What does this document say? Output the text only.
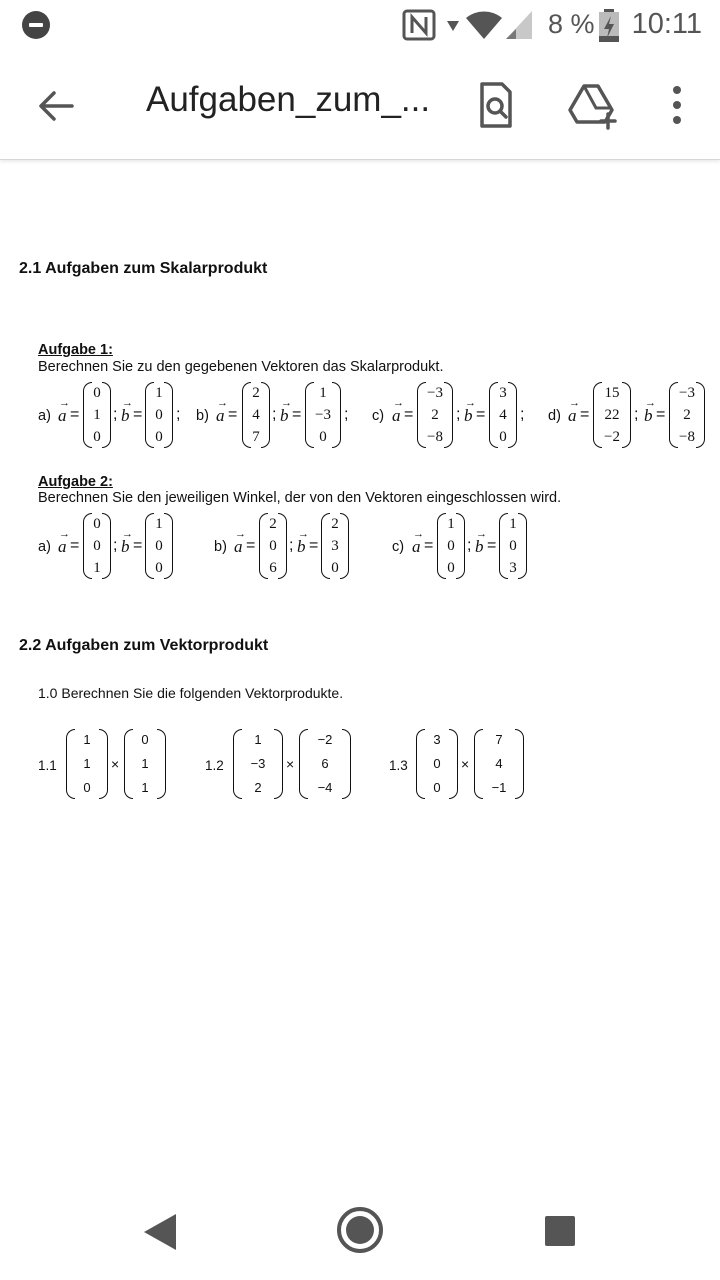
8 % 10:11
Aufgaben_zum_...
2.1 Aufgaben zum Skalarprodukt
Aufgabe 1:
Berechnen Sie zu den gegebenen Vektoren das Skalarprodukt.
a)
→
a =
0
1
0
;
→
b =
1
0
0
; b)
→
a =
2
4
7
;
→
b =
1
−3
0
; c)
→
a =
−3
2
−8
;
→
b =
3
4
0
; d)
→
a =
15
22
−2
;
→
b =
−3
2
−8
Aufgabe 2:
Berechnen Sie den jeweiligen Winkel, der von den Vektoren eingeschlossen wird.
a)
→
a =
0
0
1
;
→
b =
1
0
0
b)
→
a =
2
0
6
;
→
b =
2
3
0
c)
→
a =
1
0
0
;
→
b =
1
0
3
2.2 Aufgaben zum Vektorprodukt
1.0 Berechnen Sie die folgenden Vektorprodukte.
1.1
1
1
0
×
0
1
1
1.2
1
−3
2
×
−2
6
−4
1.3
3
0
0
×
7
4
−1
